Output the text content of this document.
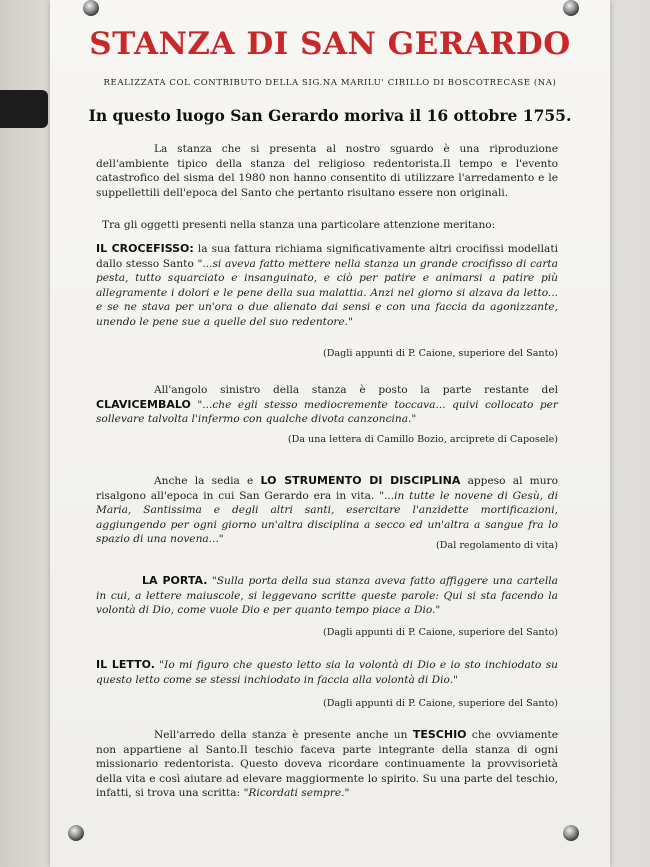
STANZA DI SAN GERARDO
REALIZZATA COL CONTRIBUTO DELLA SIG.NA MARILU' CIRILLO DI BOSCOTRECASE (NA)
In questo luogo San Gerardo moriva il 16 ottobre 1755.
La stanza che si presenta al nostro sguardo è una riproduzione dell'ambiente tipico della stanza del religioso redentorista.Il tempo e l'evento catastrofico del sisma del 1980 non hanno consentito di utilizzare l'arredamento e le suppellettili dell'epoca del Santo che pertanto risultano essere non originali.
Tra gli oggetti presenti nella stanza una particolare attenzione meritano:
IL CROCEFISSO: la sua fattura richiama significativamente altri crocifissi modellati dallo stesso Santo "...si aveva fatto mettere nella stanza un grande crocifisso di carta pesta, tutto squarciato e insanguinato, e ciò per patire e animarsi a patire più allegramente i dolori e le pene della sua malattia. Anzi nel giorno si alzava da letto... e se ne stava per un'ora o due alienato dai sensi e con una faccia da agonizzante, unendo le pene sue a quelle del suo redentore."
(Dagli appunti di P. Caione, superiore del Santo)
All'angolo sinistro della stanza è posto la parte restante del CLAVICEMBALO "...che egli stesso mediocremente toccava... quivi collocato per sollevare talvolta l'infermo con qualche divota canzoncina."
(Da una lettera di Camillo Bozio, arciprete di Caposele)
Anche la sedia e LO STRUMENTO DI DISCIPLINA appeso al muro risalgono all'epoca in cui San Gerardo era in vita. "...in tutte le novene di Gesù, di Maria, Santissima e degli altri santi, esercitare l'anzidette mortificazioni, aggiungendo per ogni giorno un'altra disciplina a secco ed un'altra a sangue fra lo spazio di una novena..."
(Dal regolamento di vita)
LA PORTA. "Sulla porta della sua stanza aveva fatto affiggere una cartella in cui, a lettere maiuscole, si leggevano scritte queste parole: Qui si sta facendo la volontà di Dio, come vuole Dio e per quanto tempo piace a Dio."
(Dagli appunti di P. Caione, superiore del Santo)
IL LETTO. "Io mi figuro che questo letto sia la volontà di Dio e io sto inchiodato su questo letto come se stessi inchiodato in faccia alla volontà di Dio."
(Dagli appunti di P. Caione, superiore del Santo)
Nell'arredo della stanza è presente anche un TESCHIO che ovviamente non appartiene al Santo.Il teschio faceva parte integrante della stanza di ogni missionario redentorista. Questo doveva ricordare continuamente la provvisorietà della vita e così aiutare ad elevare maggiormente lo spirito. Su una parte del teschio, infatti, si trova una scritta: "Ricordati sempre."
